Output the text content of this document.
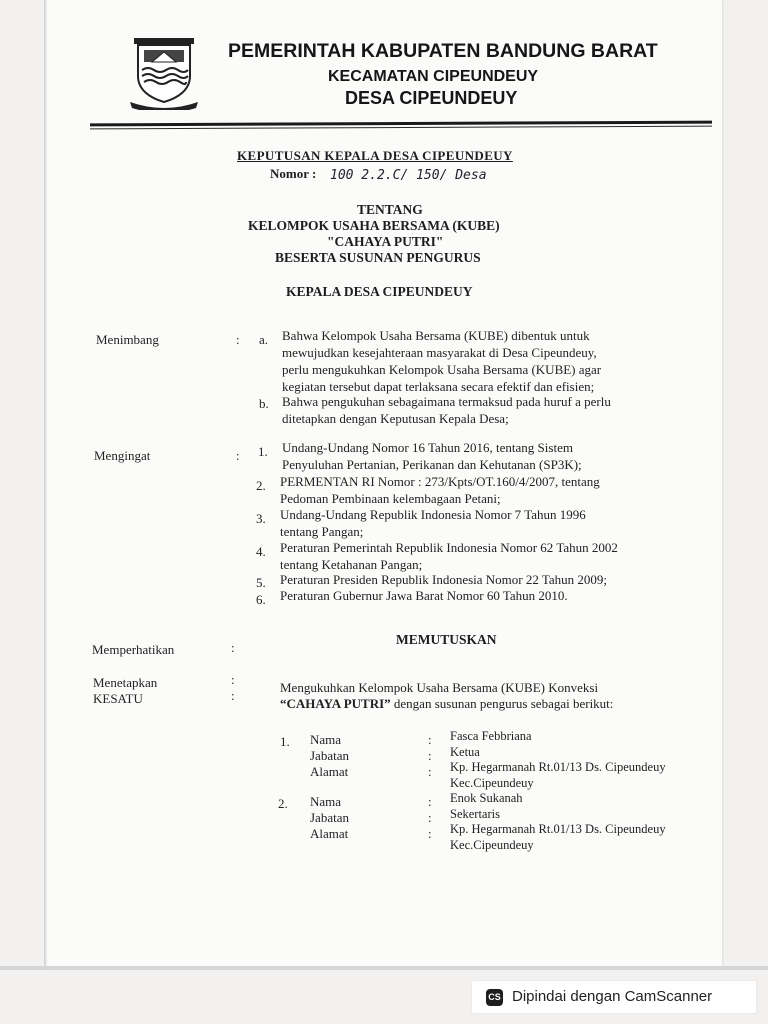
PEMERINTAH KABUPATEN BANDUNG BARAT
KECAMATAN CIPEUNDEUY
DESA CIPEUNDEUY
KEPUTUSAN KEPALA DESA CIPEUNDEUY
Nomor : 100 2.2.C/ 150/ Desa
TENTANG
KELOMPOK USAHA BERSAMA (KUBE)
"CAHAYA PUTRI"
BESERTA SUSUNAN PENGURUS
KEPALA DESA CIPEUNDEUY
Menimbang	: a. Bahwa Kelompok Usaha Bersama (KUBE) dibentuk untuk
mewujudkan kesejahteraan masyarakat di Desa Cipeundeuy,
perlu mengukuhkan Kelompok Usaha Bersama (KUBE) agar
kegiatan tersebut dapat terlaksana secara efektif dan efisien;
b. Bahwa pengukuhan sebagaimana termaksud pada huruf a perlu
ditetapkan dengan Keputusan Kepala Desa;
Mengingat	: 1. Undang-Undang Nomor 16 Tahun 2016, tentang Sistem
Penyuluhan Pertanian, Perikanan dan Kehutanan (SP3K);
2. PERMENTAN RI Nomor : 273/Kpts/OT.160/4/2007, tentang
Pedoman Pembinaan kelembagaan Petani;
3. Undang-Undang Republik Indonesia Nomor 7 Tahun 1996
tentang Pangan;
4. Peraturan Pemerintah Republik Indonesia Nomor 62 Tahun 2002
tentang Ketahanan Pangan;
5. Peraturan Presiden Republik Indonesia Nomor 22 Tahun 2009;
6. Peraturan Gubernur Jawa Barat Nomor 60 Tahun 2010.
Memperhatikan	:
MEMUTUSKAN
Menetapkan	:
KESATU	:
Mengukuhkan Kelompok Usaha Bersama (KUBE) Konveksi
“CAHAYA PUTRI” dengan susunan pengurus sebagai berikut:
1. Nama	: Fasca Febbriana
Jabatan	: Ketua
Alamat	: Kp. Hegarmanah Rt.01/13 Ds. Cipeundeuy
Kec.Cipeundeuy
2. Nama	: Enok Sukanah
Jabatan	: Sekertaris
Alamat	: Kp. Hegarmanah Rt.01/13 Ds. Cipeundeuy
Kec.Cipeundeuy
CS Dipindai dengan CamScanner
